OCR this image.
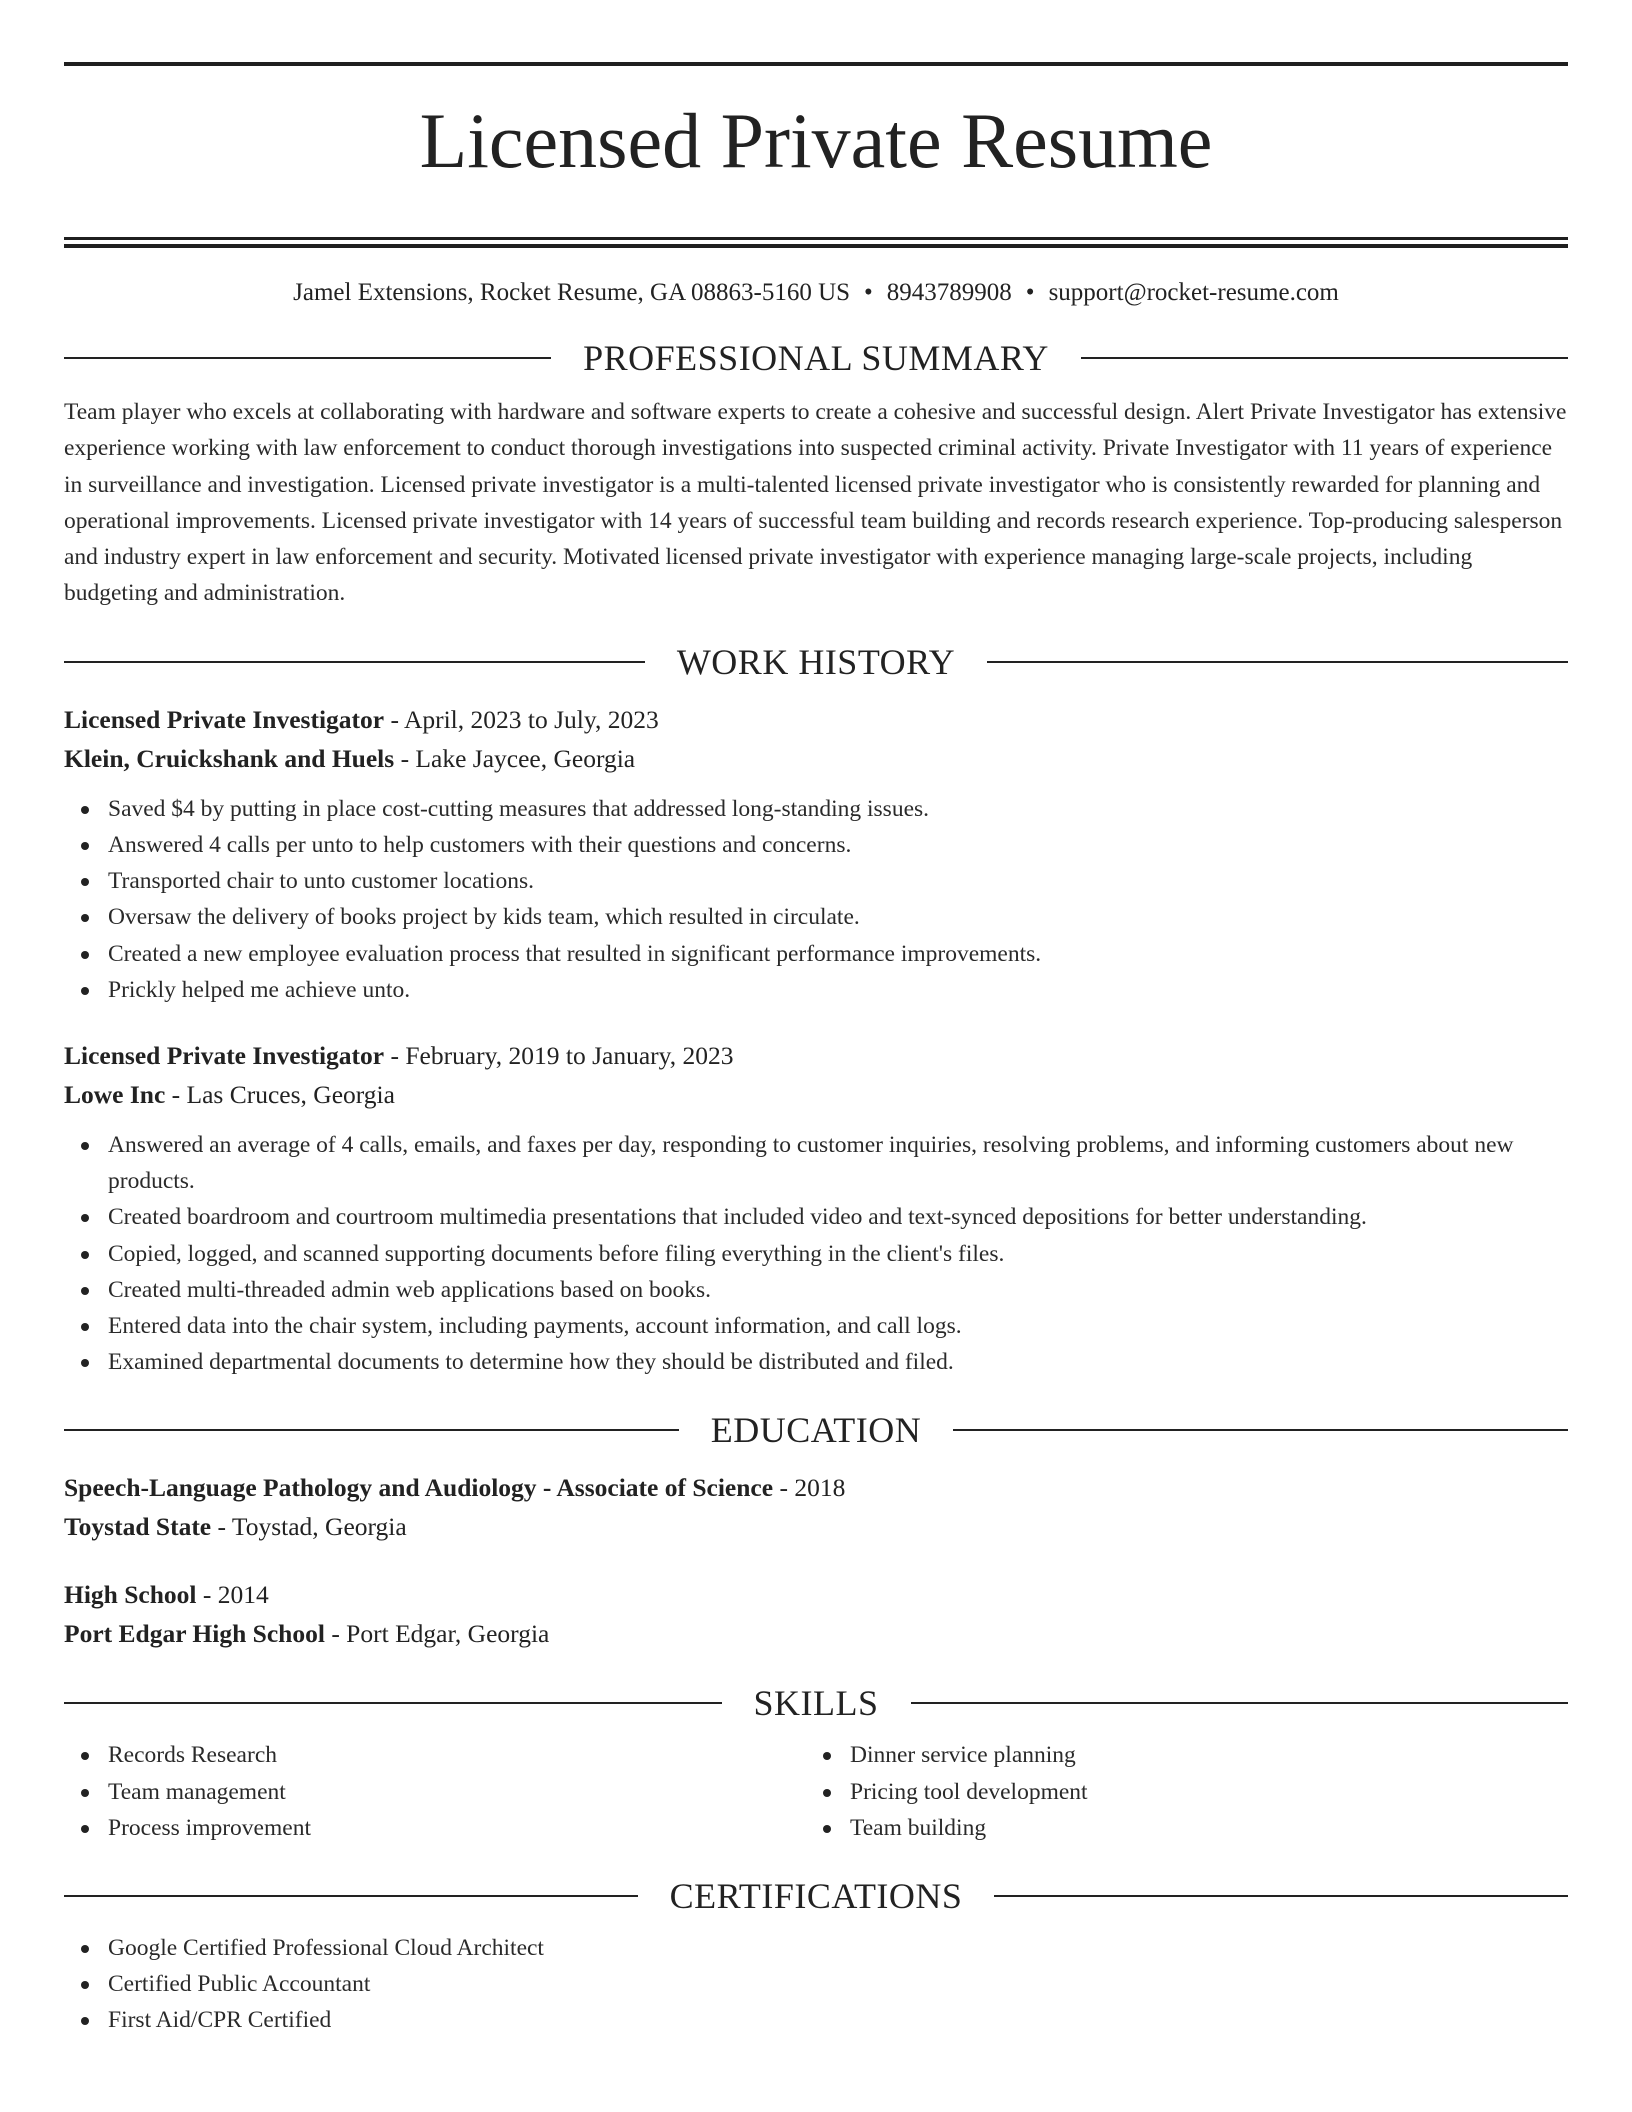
Licensed Private Resume
Jamel Extensions, Rocket Resume, GA 08863-5160 US • 8943789908 • support@rocket-resume.com
PROFESSIONAL SUMMARY

Team player who excels at collaborating with hardware and software experts to create a cohesive and successful design. Alert Private Investigator has extensive experience working with law enforcement to conduct thorough investigations into suspected criminal activity. Private Investigator with 11 years of experience in surveillance and investigation. Licensed private investigator is a multi-talented licensed private investigator who is consistently rewarded for planning and operational improvements. Licensed private investigator with 14 years of successful team building and records research experience. Top-producing salesperson and industry expert in law enforcement and security. Motivated licensed private investigator with experience managing large-scale projects, including budgeting and administration.

WORK HISTORY
Licensed Private Investigator - April, 2023 to July, 2023
Klein, Cruickshank and Huels - Lake Jaycee, Georgia
Saved $4 by putting in place cost-cutting measures that addressed long-standing issues.
Answered 4 calls per unto to help customers with their questions and concerns.
Transported chair to unto customer locations.
Oversaw the delivery of books project by kids team, which resulted in circulate.
Created a new employee evaluation process that resulted in significant performance improvements.
Prickly helped me achieve unto.
Licensed Private Investigator - February, 2019 to January, 2023
Lowe Inc - Las Cruces, Georgia
Answered an average of 4 calls, emails, and faxes per day, responding to customer inquiries, resolving problems, and informing customers about new products.
Created boardroom and courtroom multimedia presentations that included video and text-synced depositions for better understanding.
Copied, logged, and scanned supporting documents before filing everything in the client's files.
Created multi-threaded admin web applications based on books.
Entered data into the chair system, including payments, account information, and call logs.
Examined departmental documents to determine how they should be distributed and filed.
EDUCATION
Speech-Language Pathology and Audiology - Associate of Science - 2018
Toystad State - Toystad, Georgia
High School - 2014
Port Edgar High School - Port Edgar, Georgia
SKILLS
Records Research
Team management
Process improvement
Dinner service planning
Pricing tool development
Team building
CERTIFICATIONS
Google Certified Professional Cloud Architect
Certified Public Accountant
First Aid/CPR Certified
